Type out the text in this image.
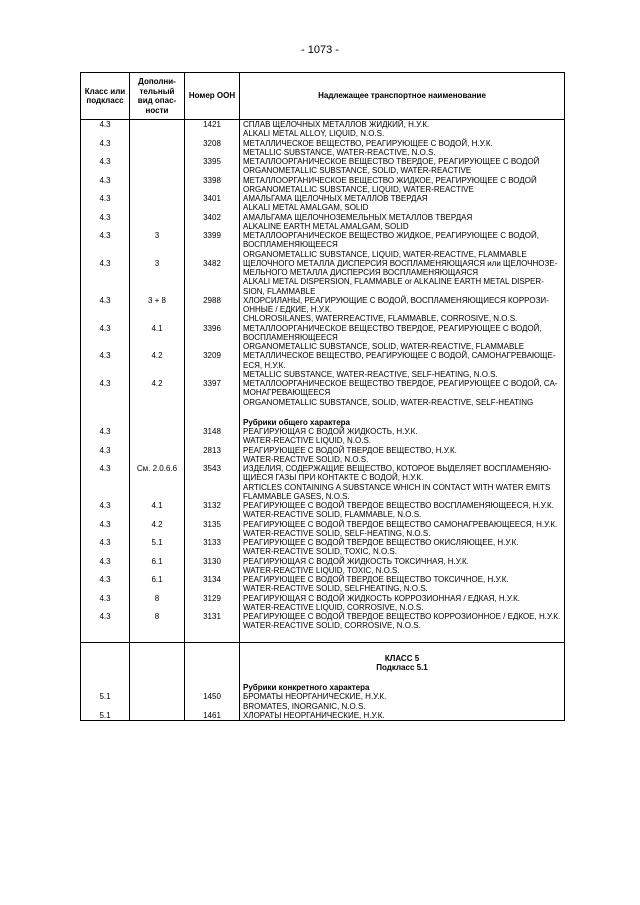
- 1073 -
Класс или подкласс	Дополни-тельный вид опас-ности	Номер ООН	Надлежащее транспортное наименование
4.3		1421	СПЛАВ ЩЕЛОЧНЫХ МЕТАЛЛОВ ЖИДКИЙ, Н.У.К.
ALKALI METAL ALLOY, LIQUID, N.O.S.

4.3		3208	МЕТАЛЛИЧЕСКОЕ ВЕЩЕСТВО, РЕАГИРУЮЩЕЕ С ВОДОЙ, Н.У.К.
METALLIC SUBSTANCE, WATER-REACTIVE, N.O.S.

4.3		3395	МЕТАЛЛООРГАНИЧЕСКОЕ ВЕЩЕСТВО ТВЕРДОЕ, РЕАГИРУЮЩЕЕ С ВОДОЙ
ORGANOMETALLIC SUBSTANCE, SOLID, WATER-REACTIVE

4.3		3398	МЕТАЛЛООРГАНИЧЕСКОЕ ВЕЩЕСТВО ЖИДКОЕ, РЕАГИРУЮЩЕЕ С ВОДОЙ
ORGANOMETALLIC SUBSTANCE, LIQUID, WATER-REACTIVE

4.3		3401	АМАЛЬГАМА ЩЕЛОЧНЫХ МЕТАЛЛОВ ТВЕРДАЯ
ALKALI METAL AMALGAM, SOLID

4.3		3402	АМАЛЬГАМА ЩЕЛОЧНОЗЕМЕЛЬНЫХ МЕТАЛЛОВ ТВЕРДАЯ
ALKALINE EARTH METAL AMALGAM, SOLID

4.3	3	3399	МЕТАЛЛООРГАНИЧЕСКОЕ ВЕЩЕСТВО ЖИДКОЕ, РЕАГИРУЮЩЕЕ С ВОДОЙ,
ВОСПЛАМЕНЯЮЩЕЕСЯ
ORGANOMETALLIC SUBSTANCE, LIQUID, WATER-REACTIVE, FLAMMABLE

4.3	3	3482	ЩЕЛОЧНОГО МЕТАЛЛА ДИСПЕРСИЯ ВОСПЛАМЕНЯЮЩАЯСЯ или ЩЕЛОЧНОЗЕ-
МЕЛЬНОГО МЕТАЛЛА ДИСПЕРСИЯ ВОСПЛАМЕНЯЮЩАЯСЯ
ALKALI METAL DISPERSION, FLAMMABLE or ALKALINE EARTH METAL DISPER-
SION, FLAMMABLE

4.3	3 + 8	2988	ХЛОРСИЛАНЫ, РЕАГИРУЮЩИЕ С ВОДОЙ, ВОСПЛАМЕНЯЮЩИЕСЯ КОРРОЗИ-
ОННЫЕ / ЕДКИЕ, Н.У.К.
CHLOROSILANES, WATERREACTIVE, FLAMMABLE, CORROSIVE, N.O.S.

4.3	4.1	3396	МЕТАЛЛООРГАНИЧЕСКОЕ ВЕЩЕСТВО ТВЕРДОЕ, РЕАГИРУЮЩЕЕ С ВОДОЙ,
ВОСПЛАМЕНЯЮЩЕЕСЯ
ORGANOMETALLIC SUBSTANCE, SOLID, WATER-REACTIVE, FLAMMABLE

4.3	4.2	3209	МЕТАЛЛИЧЕСКОЕ ВЕЩЕСТВО, РЕАГИРУЮЩЕЕ С ВОДОЙ, САМОНАГРЕВАЮЩЕ-
ЕСЯ, Н.У.К.
METALLIC SUBSTANCE, WATER-REACTIVE, SELF-HEATING, N.O.S.

4.3	4.2	3397	МЕТАЛЛООРГАНИЧЕСКОЕ ВЕЩЕСТВО ТВЕРДОЕ, РЕАГИРУЮЩЕЕ С ВОДОЙ, СА-
МОНАГРЕВАЮЩЕЕСЯ
ORGANOMETALLIC SUBSTANCE, SOLID, WATER-REACTIVE, SELF-HEATING

			Рубрики общего характера
4.3		3148	РЕАГИРУЮЩАЯ С ВОДОЙ ЖИДКОСТЬ, Н.У.К.
WATER-REACTIVE LIQUID, N.O.S.

4.3		2813	РЕАГИРУЮЩЕЕ С ВОДОЙ ТВЕРДОЕ ВЕЩЕСТВО, Н.У.К.
WATER-REACTIVE SOLID, N.O.S.

4.3	См. 2.0.6.6	3543	ИЗДЕЛИЯ, СОДЕРЖАЩИЕ ВЕЩЕСТВО, КОТОРОЕ ВЫДЕЛЯЕТ ВОСПЛАМЕНЯЮ-
ЩИЕСЯ ГАЗЫ ПРИ КОНТАКТЕ С ВОДОЙ, Н.У.К.
ARTICLES CONTAINING A SUBSTANCE WHICH IN CONTACT WITH WATER EMITS
FLAMMABLE GASES, N.O.S.

4.3	4.1	3132	РЕАГИРУЮЩЕЕ С ВОДОЙ ТВЕРДОЕ ВЕЩЕСТВО ВОСПЛАМЕНЯЮЩЕЕСЯ, Н.У.К.
WATER-REACTIVE SOLID, FLAMMABLE, N.O.S.

4.3	4.2	3135	РЕАГИРУЮЩЕЕ С ВОДОЙ ТВЕРДОЕ ВЕЩЕСТВО САМОНАГРЕВАЮЩЕЕСЯ, Н.У.К.
WATER-REACTIVE SOLID, SELF-HEATING, N.O.S.

4.3	5.1	3133	РЕАГИРУЮЩЕЕ С ВОДОЙ ТВЕРДОЕ ВЕЩЕСТВО ОКИСЛЯЮЩЕЕ, Н.У.К.
WATER-REACTIVE SOLID, TOXIC, N.O.S.

4.3	6.1	3130	РЕАГИРУЮЩАЯ С ВОДОЙ ЖИДКОСТЬ ТОКСИЧНАЯ, Н.У.К.
WATER-REACTIVE LIQUID, TOXIC, N.O.S.

4.3	6.1	3134	РЕАГИРУЮЩЕЕ С ВОДОЙ ТВЕРДОЕ ВЕЩЕСТВО ТОКСИЧНОЕ, Н.У.К.
WATER-REACTIVE SOLID, SELFHEATING, N.O.S.

4.3	8	3129	РЕАГИРУЮЩАЯ С ВОДОЙ ЖИДКОСТЬ КОРРОЗИОННАЯ / ЕДКАЯ, Н.У.К.
WATER-REACTIVE LIQUID, CORROSIVE, N.O.S.

4.3	8	3131	РЕАГИРУЮЩЕЕ С ВОДОЙ ТВЕРДОЕ ВЕЩЕСТВО КОРРОЗИОННОЕ / ЕДКОЕ, Н.У.К.
WATER-REACTIVE SOLID, CORROSIVE, N.O.S.

			КЛАСС 5
			Подкласс 5.1

			Рубрики конкретного характера
5.1		1450	БРОМАТЫ НЕОРГАНИЧЕСКИЕ, Н.У.К.
BROMATES, INORGANIC, N.O.S.

5.1		1461	ХЛОРАТЫ НЕОРГАНИЧЕСКИЕ, Н.У.К.
